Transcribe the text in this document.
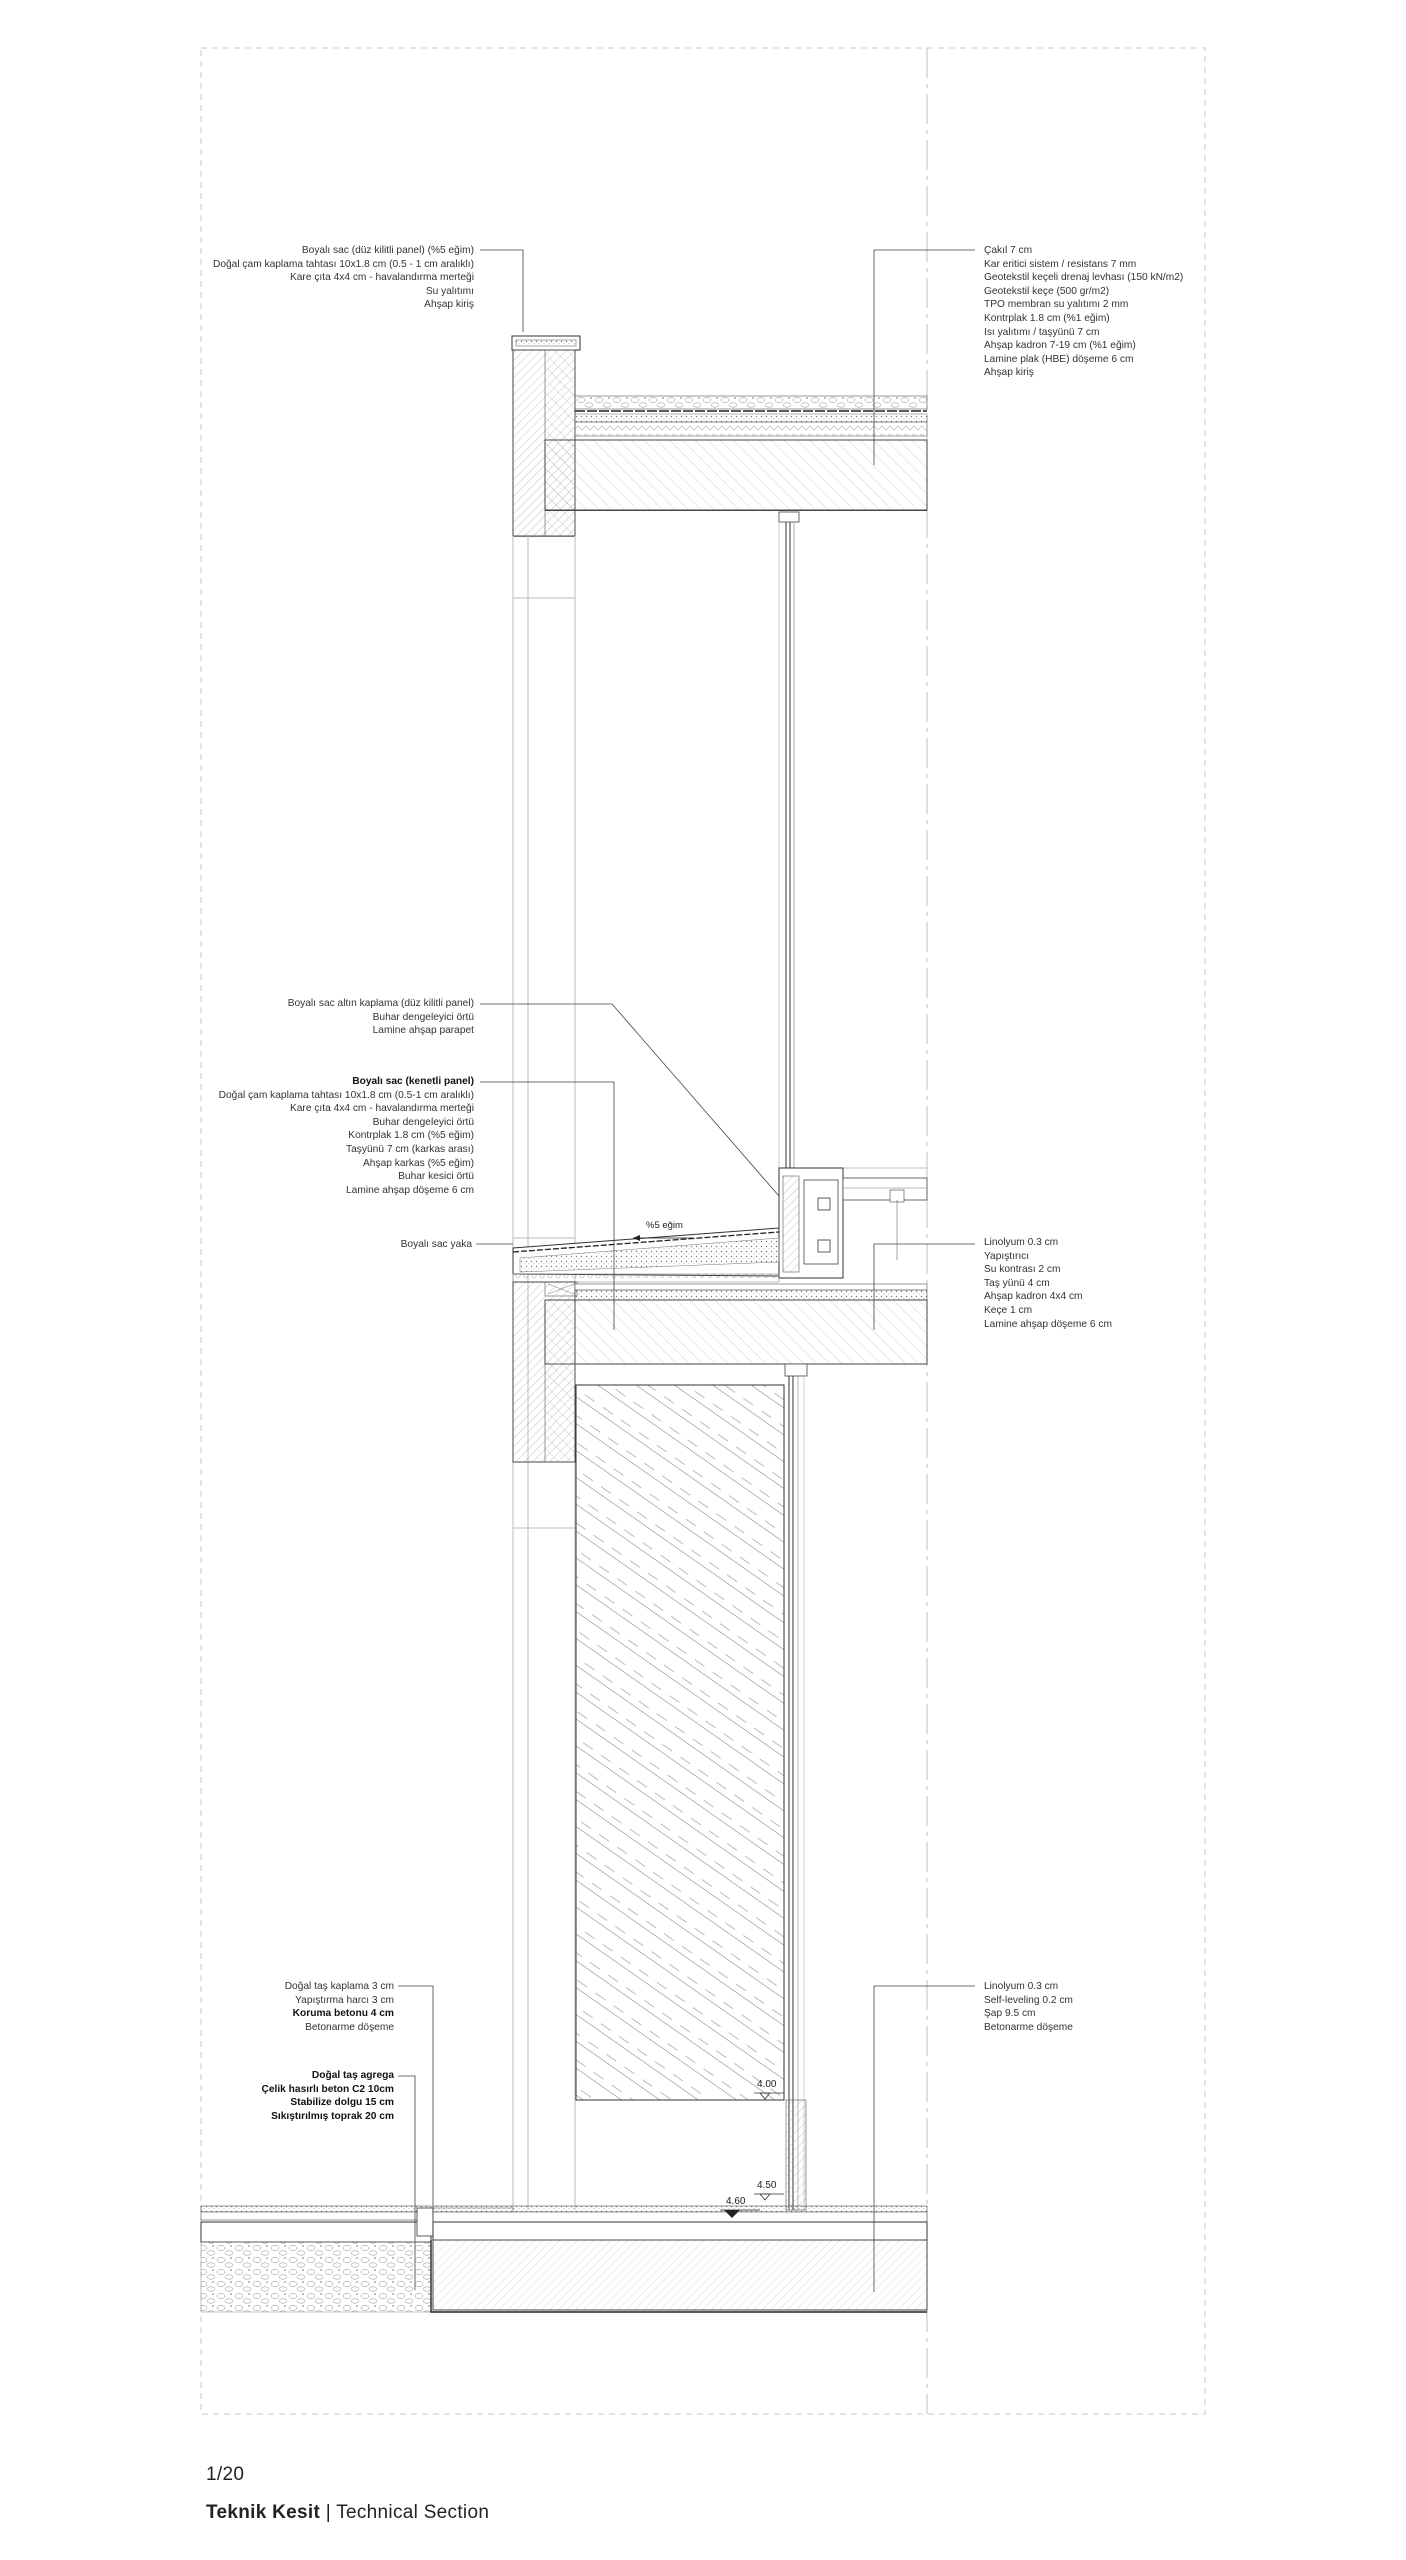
Boyalı sac (düz kilitli panel) (%5 eğim)
Doğal çam kaplama tahtası 10x1.8 cm (0.5 - 1 cm aralıklı)
Kare çıta 4x4 cm - havalandırma merteği
Su yalıtımı
Ahşap kiriş
Çakıl 7 cm
Kar eritici sistem / resistans 7 mm
Geotekstil keçeli drenaj levhası (150 kN/m2)
Geotekstil keçe (500 gr/m2)
TPO membran su yalıtımı 2 mm
Kontrplak 1.8 cm (%1 eğim)
Isı yalıtımı / taşyünü 7 cm
Ahşap kadron 7-19 cm (%1 eğim)
Lamine plak (HBE) döşeme 6 cm
Ahşap kiriş
Boyalı sac altın kaplama (düz kilitli panel)
Buhar dengeleyici örtü
Lamine ahşap parapet
Boyalı sac (kenetli panel)
Doğal çam kaplama tahtası 10x1.8 cm (0.5-1 cm aralıklı)
Kare çıta 4x4 cm - havalandırma merteği
Buhar dengeleyici örtü
Kontrplak 1.8 cm (%5 eğim)
Taşyünü 7 cm (karkas arası)
Ahşap karkas (%5 eğim)
Buhar kesici örtü
Lamine ahşap döşeme 6 cm
Boyalı sac yaka	Linolyum 0.3 cm
Yapıştırıcı
Su kontrası 2 cm
Taş yünü 4 cm
Ahşap kadron 4x4 cm
Keçe 1 cm
Lamine ahşap döşeme 6 cm
Doğal taş kaplama 3 cm
Yapıştırma harcı 3 cm
Koruma betonu 4 cm
Betonarme döşeme
Doğal taş agrega
Çelik hasırlı beton C2 10cm
Stabilize dolgu 15 cm
Sıkıştırılmış toprak 20 cm
Linolyum 0.3 cm
Self-leveling 0.2 cm
Şap 9.5 cm
Betonarme döşeme
%5 eğim
4.00
4.50
4.60
1/20
Teknik Kesit | Technical Section
